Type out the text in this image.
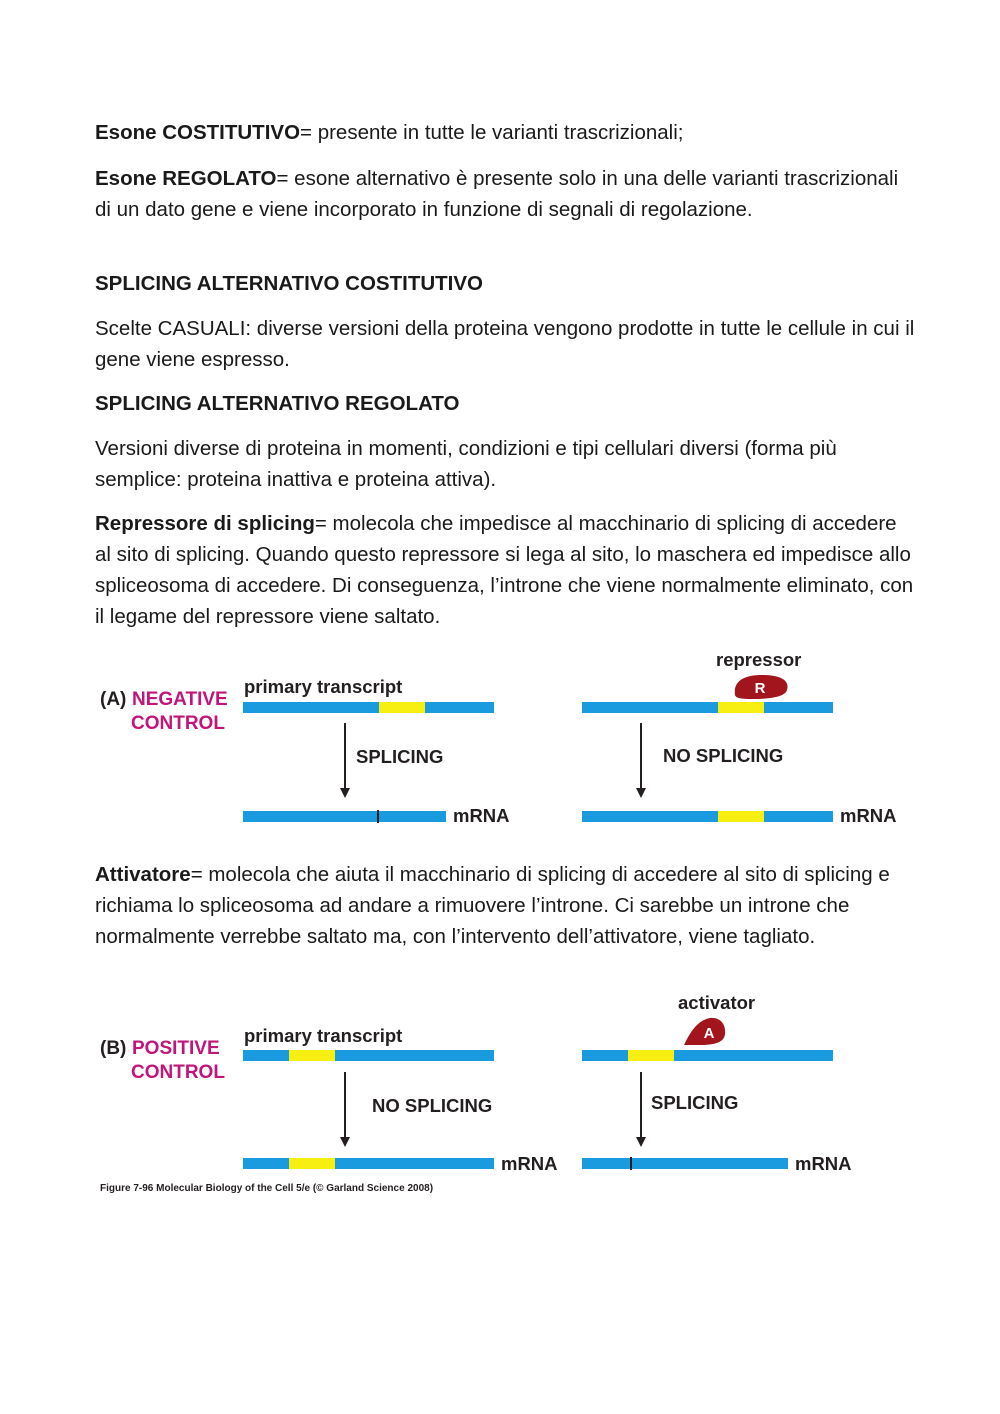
Esone COSTITUTIVO= presente in tutte le varianti trascrizionali;

Esone REGOLATO= esone alternativo è presente solo in una delle varianti trascrizionali di un dato gene e viene incorporato in funzione di segnali di regolazione.

SPLICING ALTERNATIVO COSTITUTIVO

Scelte CASUALI: diverse versioni della proteina vengono prodotte in tutte le cellule in cui il gene viene espresso.

SPLICING ALTERNATIVO REGOLATO

Versioni diverse di proteina in momenti, condizioni e tipi cellulari diversi (forma più semplice: proteina inattiva e proteina attiva).

Repressore di splicing= molecola che impedisce al macchinario di splicing di accedere al sito di splicing. Quando questo repressore si lega al sito, lo maschera ed impedisce allo spliceosoma di accedere. Di conseguenza, l’introne che viene normalmente eliminato, con il legame del repressore viene saltato.

(A) NEGATIVE
CONTROL
primary transcript
SPLICING
mRNA
repressor
R
NO SPLICING
mRNA

Attivatore= molecola che aiuta il macchinario di splicing di accedere al sito di splicing e richiama lo spliceosoma ad andare a rimuovere l’introne. Ci sarebbe un introne che normalmente verrebbe saltato ma, con l’intervento dell’attivatore, viene tagliato.

(B) POSITIVE
CONTROL
primary transcript
NO SPLICING
mRNA
activator
A
SPLICING
mRNA
Figure 7-96 Molecular Biology of the Cell 5/e (© Garland Science 2008)
